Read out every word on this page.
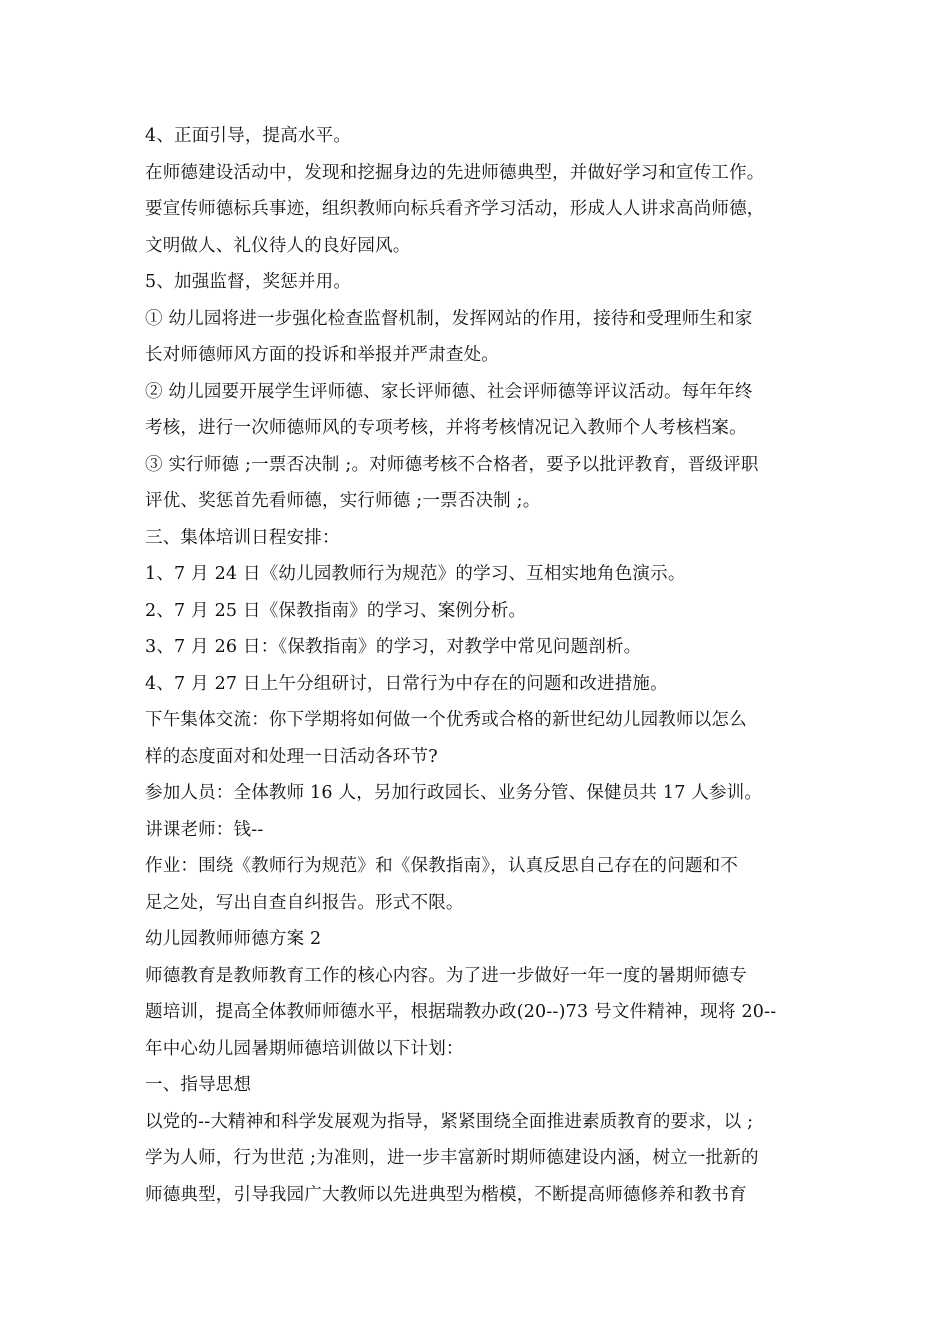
4、正面引导，提高水平。

在师德建设活动中，发现和挖掘身边的先进师德典型，并做好学习和宣传工作。
要宣传师德标兵事迹，组织教师向标兵看齐学习活动，形成人人讲求高尚师德，
文明做人、礼仪待人的良好园风。

5、加强监督，奖惩并用。

① 幼儿园将进一步强化检查监督机制，发挥网站的作用，接待和受理师生和家
长对师德师风方面的投诉和举报并严肃查处。

② 幼儿园要开展学生评师德、家长评师德、社会评师德等评议活动。每年年终
考核，进行一次师德师风的专项考核，并将考核情况记入教师个人考核档案。

③ 实行师德 ;一票否决制 ;。对师德考核不合格者，要予以批评教育，晋级评职
评优、奖惩首先看师德，实行师德 ;一票否决制 ;。

三、集体培训日程安排：

1、7 月 24 日《幼儿园教师行为规范》的学习、互相实地角色演示。

2、7 月 25 日《保教指南》的学习、案例分析。

3、7 月 26 日：《保教指南》的学习，对教学中常见问题剖析。

4、7 月 27 日上午分组研讨，日常行为中存在的问题和改进措施。

下午集体交流：你下学期将如何做一个优秀或合格的新世纪幼儿园教师以怎么
样的态度面对和处理一日活动各环节?

参加人员：全体教师 16 人，另加行政园长、业务分管、保健员共 17 人参训。

讲课老师：钱--

作业：围绕《教师行为规范》和《保教指南》，认真反思自己存在的问题和不
足之处，写出自查自纠报告。形式不限。

幼儿园教师师德方案 2

师德教育是教师教育工作的核心内容。为了进一步做好一年一度的暑期师德专
题培训，提高全体教师师德水平，根据瑞教办政(20--)73 号文件精神，现将 20--
年中心幼儿园暑期师德培训做以下计划：

一、指导思想

以党的--大精神和科学发展观为指导，紧紧围绕全面推进素质教育的要求，以 ;
学为人师，行为世范 ;为准则，进一步丰富新时期师德建设内涵，树立一批新的
师德典型，引导我园广大教师以先进典型为楷模，不断提高师德修养和教书育
